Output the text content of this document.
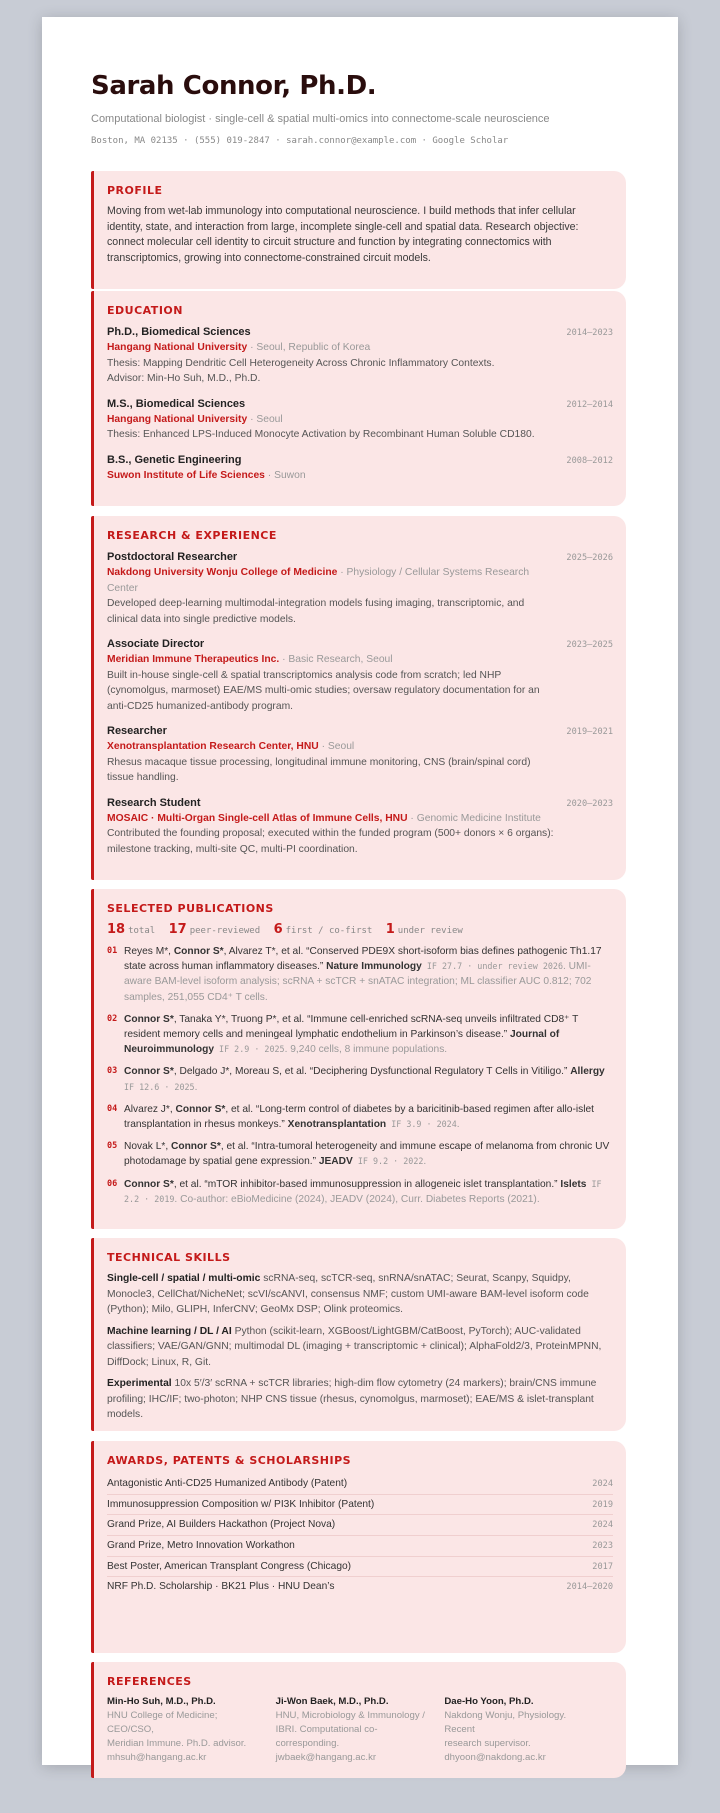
Sarah Connor, Ph.D.
Computational biologist · single-cell & spatial multi-omics into connectome-scale neuroscience
Boston, MA 02135 · (555) 019-2847 · sarah.connor@example.com · Google Scholar
PROFILE
Moving from wet-lab immunology into computational neuroscience. I build methods that infer cellular identity, state, and interaction from large, incomplete single-cell and spatial data. Research objective: connect molecular cell identity to circuit structure and function by integrating connectomics with transcriptomics, growing into connectome-constrained circuit models.
EDUCATION
Ph.D., Biomedical Sciences	2014–2023
Hangang National University · Seoul, Republic of Korea
Thesis: Mapping Dendritic Cell Heterogeneity Across Chronic Inflammatory Contexts.
Advisor: Min-Ho Suh, M.D., Ph.D.
M.S., Biomedical Sciences	2012–2014
Hangang National University · Seoul
Thesis: Enhanced LPS-Induced Monocyte Activation by Recombinant Human Soluble CD180.
B.S., Genetic Engineering	2008–2012
Suwon Institute of Life Sciences · Suwon
RESEARCH & EXPERIENCE
Postdoctoral Researcher	2025–2026
Nakdong University Wonju College of Medicine · Physiology / Cellular Systems Research Center
Developed deep-learning multimodal-integration models fusing imaging, transcriptomic, and clinical data into single predictive models.
Associate Director	2023–2025
Meridian Immune Therapeutics Inc. · Basic Research, Seoul
Built in-house single-cell & spatial transcriptomics analysis code from scratch; led NHP (cynomolgus, marmoset) EAE/MS multi-omic studies; oversaw regulatory documentation for an anti-CD25 humanized-antibody program.
Researcher	2019–2021
Xenotransplantation Research Center, HNU · Seoul
Rhesus macaque tissue processing, longitudinal immune monitoring, CNS (brain/spinal cord) tissue handling.
Research Student	2020–2023
MOSAIC · Multi-Organ Single-cell Atlas of Immune Cells, HNU · Genomic Medicine Institute
Contributed the founding proposal; executed within the funded program (500+ donors × 6 organs): milestone tracking, multi-site QC, multi-PI coordination.
SELECTED PUBLICATIONS
18 total 17 peer-reviewed 6 first / co-first 1 under review
01 Reyes M*, Connor S*, Alvarez T*, et al. “Conserved PDE9X short-isoform bias defines pathogenic Th1.17 state across human inflammatory diseases.” Nature Immunology IF 27.7 · under review 2026. UMI-aware BAM-level isoform analysis; scRNA + scTCR + snATAC integration; ML classifier AUC 0.812; 702 samples, 251,055 CD4⁺ T cells.
02 Connor S*, Tanaka Y*, Truong P*, et al. “Immune cell-enriched scRNA-seq unveils infiltrated CD8⁺ T resident memory cells and meningeal lymphatic endothelium in Parkinson’s disease.” Journal of Neuroimmunology IF 2.9 · 2025. 9,240 cells, 8 immune populations.
03 Connor S*, Delgado J*, Moreau S, et al. “Deciphering Dysfunctional Regulatory T Cells in Vitiligo.” Allergy IF 12.6 · 2025.
04 Alvarez J*, Connor S*, et al. “Long-term control of diabetes by a baricitinib-based regimen after allo-islet transplantation in rhesus monkeys.” Xenotransplantation IF 3.9 · 2024.
05 Novak L*, Connor S*, et al. “Intra-tumoral heterogeneity and immune escape of melanoma from chronic UV photodamage by spatial gene expression.” JEADV IF 9.2 · 2022.
06 Connor S*, et al. “mTOR inhibitor-based immunosuppression in allogeneic islet transplantation.” Islets IF 2.2 · 2019. Co-author: eBioMedicine (2024), JEADV (2024), Curr. Diabetes Reports (2021).
TECHNICAL SKILLS
Single-cell / spatial / multi-omic scRNA-seq, scTCR-seq, snRNA/snATAC; Seurat, Scanpy, Squidpy, Monocle3, CellChat/NicheNet; scVI/scANVI, consensus NMF; custom UMI-aware BAM-level isoform code (Python); Milo, GLIPH, InferCNV; GeoMx DSP; Olink proteomics.
Machine learning / DL / AI Python (scikit-learn, XGBoost/LightGBM/CatBoost, PyTorch); AUC-validated classifiers; VAE/GAN/GNN; multimodal DL (imaging + transcriptomic + clinical); AlphaFold2/3, ProteinMPNN, DiffDock; Linux, R, Git.
Experimental 10x 5′/3′ scRNA + scTCR libraries; high-dim flow cytometry (24 markers); brain/CNS immune profiling; IHC/IF; two-photon; NHP CNS tissue (rhesus, cynomolgus, marmoset); EAE/MS & islet-transplant models.
AWARDS, PATENTS & SCHOLARSHIPS
Antagonistic Anti-CD25 Humanized Antibody (Patent)	2024
Immunosuppression Composition w/ PI3K Inhibitor (Patent)	2019
Grand Prize, AI Builders Hackathon (Project Nova)	2024
Grand Prize, Metro Innovation Workathon	2023
Best Poster, American Transplant Congress (Chicago)	2017
NRF Ph.D. Scholarship · BK21 Plus · HNU Dean’s	2014–2020
REFERENCES
Min-Ho Suh, M.D., Ph.D.
HNU College of Medicine; CEO/CSO,
Meridian Immune. Ph.D. advisor.
mhsuh@hangang.ac.kr
Ji-Won Baek, M.D., Ph.D.
HNU, Microbiology & Immunology /
IBRI. Computational co-
corresponding.
jwbaek@hangang.ac.kr
Dae-Ho Yoon, Ph.D.
Nakdong Wonju, Physiology. Recent
research supervisor.
dhyoon@nakdong.ac.kr
